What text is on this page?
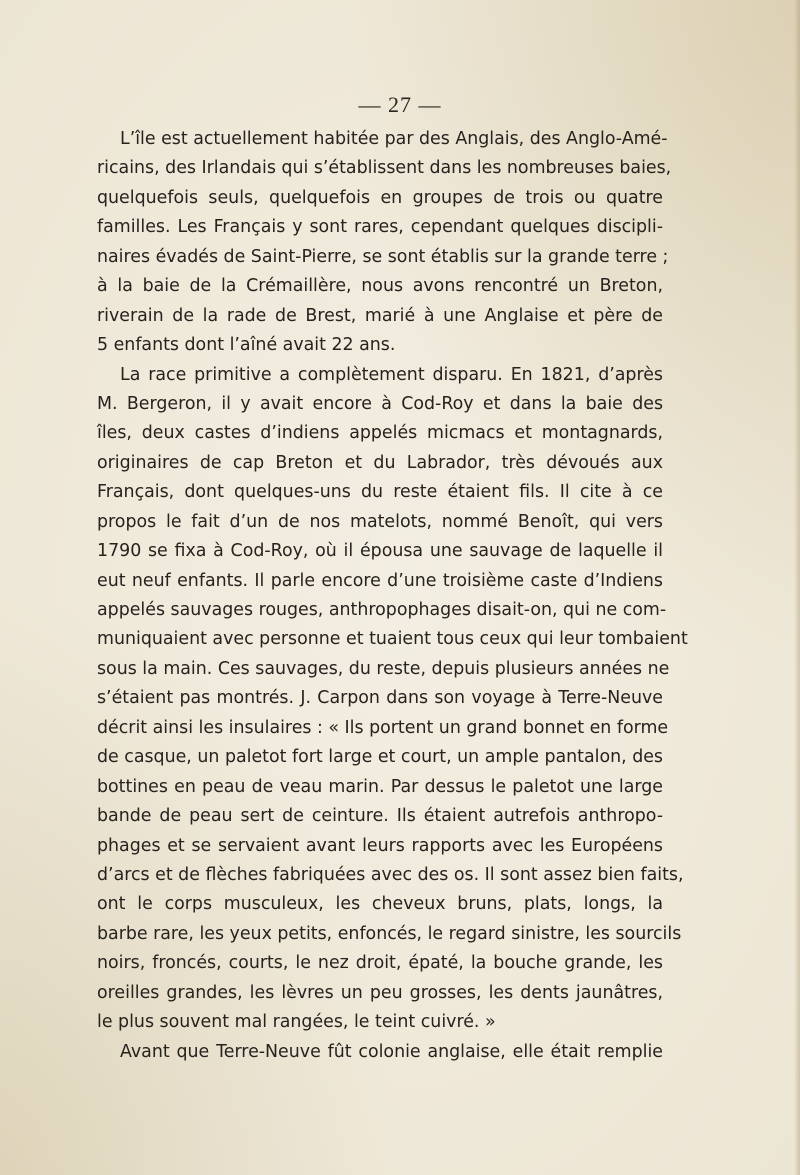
— 27 —
L’île est actuellement habitée par des Anglais, des Anglo-Amé-
ricains, des Irlandais qui s’établissent dans les nombreuses baies,
quelquefois seuls, quelquefois en groupes de trois ou quatre
familles. Les Français y sont rares, cependant quelques discipli-
naires évadés de Saint-Pierre, se sont établis sur la grande terre ;
à la baie de la Crémaillère, nous avons rencontré un Breton,
riverain de la rade de Brest, marié à une Anglaise et père de
5 enfants dont l’aîné avait 22 ans.
La race primitive a complètement disparu. En 1821, d’après
M. Bergeron, il y avait encore à Cod-Roy et dans la baie des
îles, deux castes d’indiens appelés micmacs et montagnards,
originaires de cap Breton et du Labrador, très dévoués aux
Français, dont quelques-uns du reste étaient fils. Il cite à ce
propos le fait d’un de nos matelots, nommé Benoît, qui vers
1790 se fixa à Cod-Roy, où il épousa une sauvage de laquelle il
eut neuf enfants. Il parle encore d’une troisième caste d’Indiens
appelés sauvages rouges, anthropophages disait-on, qui ne com-
muniquaient avec personne et tuaient tous ceux qui leur tombaient
sous la main. Ces sauvages, du reste, depuis plusieurs années ne
s’étaient pas montrés. J. Carpon dans son voyage à Terre-Neuve
décrit ainsi les insulaires : « Ils portent un grand bonnet en forme
de casque, un paletot fort large et court, un ample pantalon, des
bottines en peau de veau marin. Par dessus le paletot une large
bande de peau sert de ceinture. Ils étaient autrefois anthropo-
phages et se servaient avant leurs rapports avec les Européens
d’arcs et de flèches fabriquées avec des os. Il sont assez bien faits,
ont le corps musculeux, les cheveux bruns, plats, longs, la
barbe rare, les yeux petits, enfoncés, le regard sinistre, les sourcils
noirs, froncés, courts, le nez droit, épaté, la bouche grande, les
oreilles grandes, les lèvres un peu grosses, les dents jaunâtres,
le plus souvent mal rangées, le teint cuivré. »
Avant que Terre-Neuve fût colonie anglaise, elle était remplie
